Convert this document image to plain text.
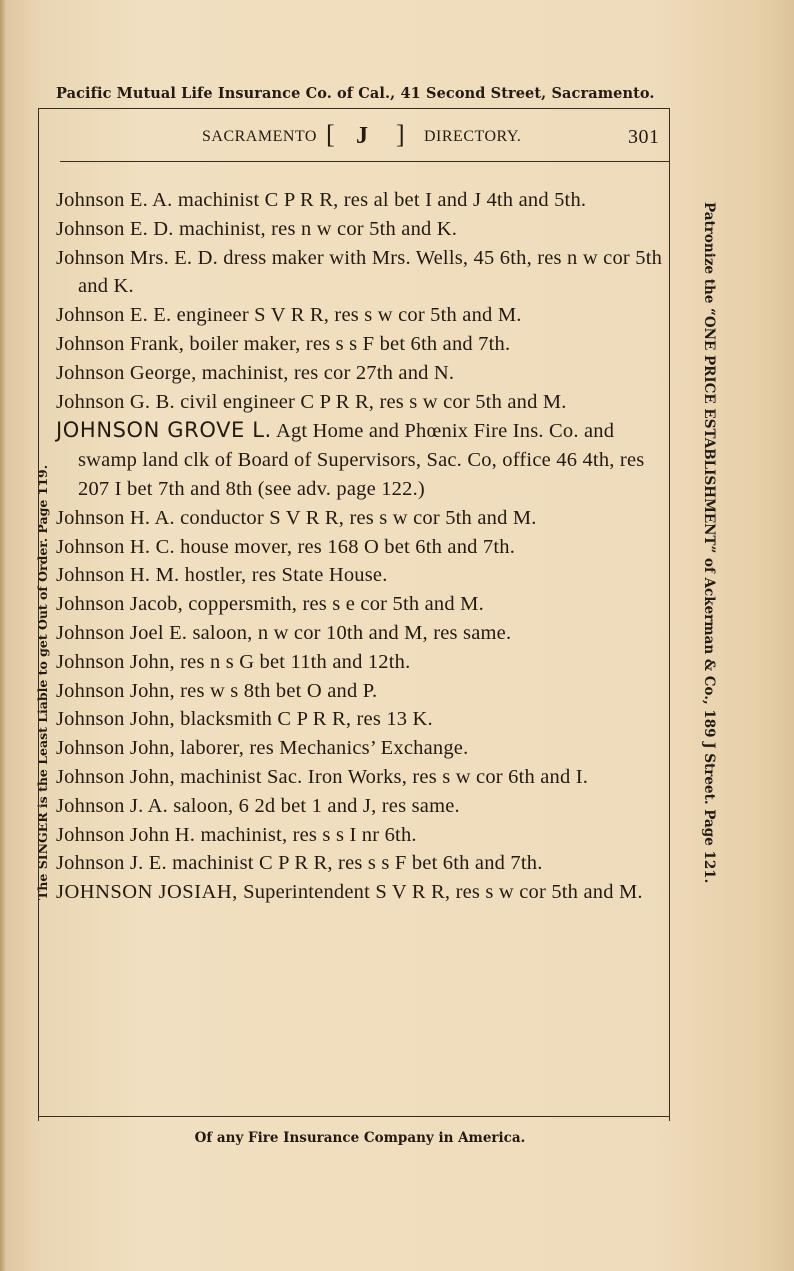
Pacific Mutual Life Insurance Co. of Cal., 41 Second Street, Sacramento.
The SINGER is the Least Liable to get Out of Order. Page 119.	Patronize the “ONE PRICE ESTABLISHMENT” of Ackerman & Co., 189 J Street. Page 121.
SACRAMENTO [ J ] DIRECTORY.	301

Johnson E. A. machinist C P R R, res al bet I and J 4th and 5th.

Johnson E. D. machinist, res n w cor 5th and K.

Johnson Mrs. E. D. dress maker with Mrs. Wells, 45 6th, res n w cor 5th and K.

Johnson E. E. engineer S V R R, res s w cor 5th and M.

Johnson Frank, boiler maker, res s s F bet 6th and 7th.

Johnson George, machinist, res cor 27th and N.

Johnson G. B. civil engineer C P R R, res s w cor 5th and M.

JOHNSON GROVE L. Agt Home and Phœnix Fire Ins. Co. and swamp land clk of Board of Supervisors, Sac. Co, office 46 4th, res 207 I bet 7th and 8th (see adv. page 122.)

Johnson H. A. conductor S V R R, res s w cor 5th and M.

Johnson H. C. house mover, res 168 O bet 6th and 7th.

Johnson H. M. hostler, res State House.

Johnson Jacob, coppersmith, res s e cor 5th and M.

Johnson Joel E. saloon, n w cor 10th and M, res same.

Johnson John, res n s G bet 11th and 12th.

Johnson John, res w s 8th bet O and P.

Johnson John, blacksmith C P R R, res 13 K.

Johnson John, laborer, res Mechanics’ Exchange.

Johnson John, machinist Sac. Iron Works, res s w cor 6th and I.

Johnson J. A. saloon, 6 2d bet 1 and J, res same.

Johnson John H. machinist, res s s I nr 6th.

Johnson J. E. machinist C P R R, res s s F bet 6th and 7th.

JOHNSON JOSIAH, Superintendent S V R R, res s w cor 5th and M.

Of any Fire Insurance Company in America.
